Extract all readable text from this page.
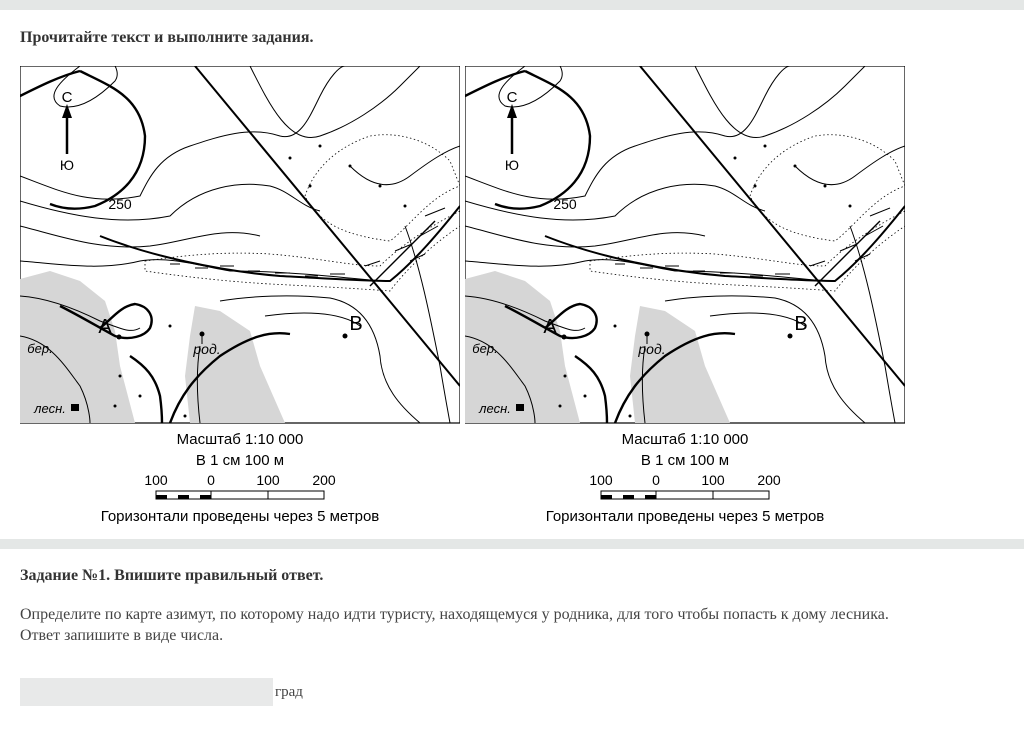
Прочитайте текст и выполните задания.
С
Ю
250
A	B
род.
бер.
лесн.
Масштаб 1:10 000
В 1 см 100 м
100	0	100 200
Горизонтали проведены через 5 метров
С
Ю
250
A	B
род.
бер.
лесн.
Масштаб 1:10 000
В 1 см 100 м
100	0	100 200
Горизонтали проведены через 5 метров
Задание №1. Впишите правильный ответ.

Определите по карте азимут, по которому надо идти туристу, находящемуся у родника, для того чтобы попасть к дому лесника.

Ответ запишите в виде числа.

град
